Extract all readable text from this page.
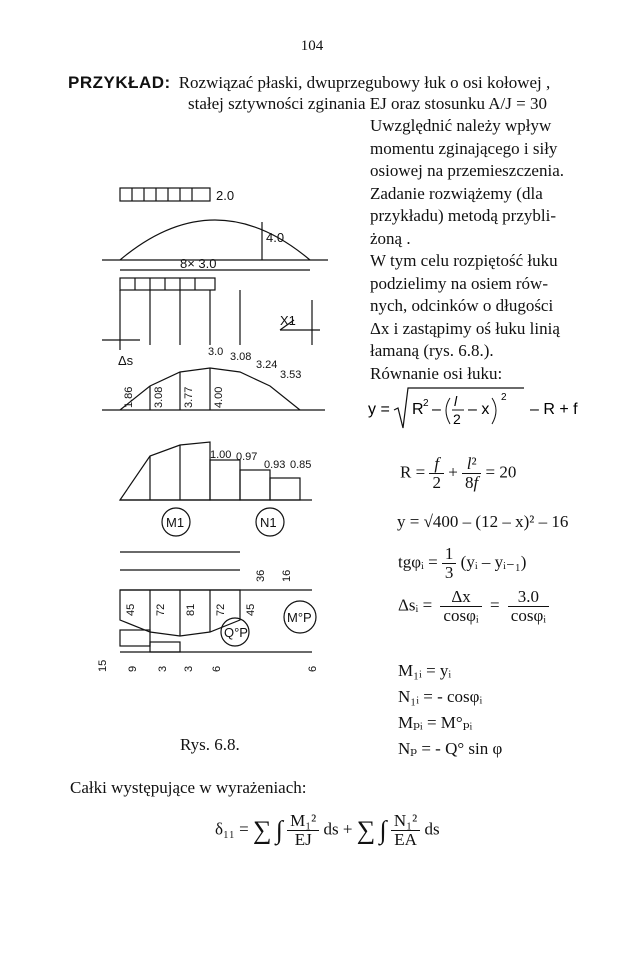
104
PRZYKŁAD: Rozwiązać płaski, dwuprzegubowy łuk o osi kołowej ,
stałej sztywności zginania EJ oraz stosunku A/J = 30
Uwzględnić należy wpływ
momentu zginającego i siły
osiowej na przemieszczenia.
Zadanie rozwiążemy (dla
przykładu) metodą przybli-
żoną .
W tym celu rozpiętość łuku
podzielimy na osiem rów-
nych, odcinków o długości
Δx i zastąpimy oś łuku linią
łamaną (rys. 6.8.).
Równanie osi łuku:
y = R 2 – l
2
– x
2
– R + f
$R = \frac{f}{2} + \frac{\text{l²}}{8f} = 20$
y = √400 – (12 – x)² – 16
tgφᵢ = $\frac{1}{3}$ (yᵢ – yᵢ₋₁)
Δsᵢ = $\frac{\Delta x}{\text{cosφᵢ}} = \frac{3.0}{\text{cosφᵢ}}$
M₁ᵢ = yᵢ
N₁ᵢ = - cosφᵢ
Mₚᵢ = M°ₚᵢ
Nₚ = - Q° sin φ
2.0
4.0
8× 3.0
X1
Δs
3.0 3.08
3.24
3.53
1.86 3.08 3.77 4.00
1.00 0.97
0.93 0.85
M1	N1
M°P
Q°P
45 72 81 72 45
36 16
15 9 3 3 6	6
Rys. 6.8.
Całki występujące w wyrażeniach:
δ₁₁ = ∑ ∫ $\frac{\text{M₁²}}{EJ}$ ds + ∑ ∫ $\frac{\text{N₁²}}{EA}$ ds
